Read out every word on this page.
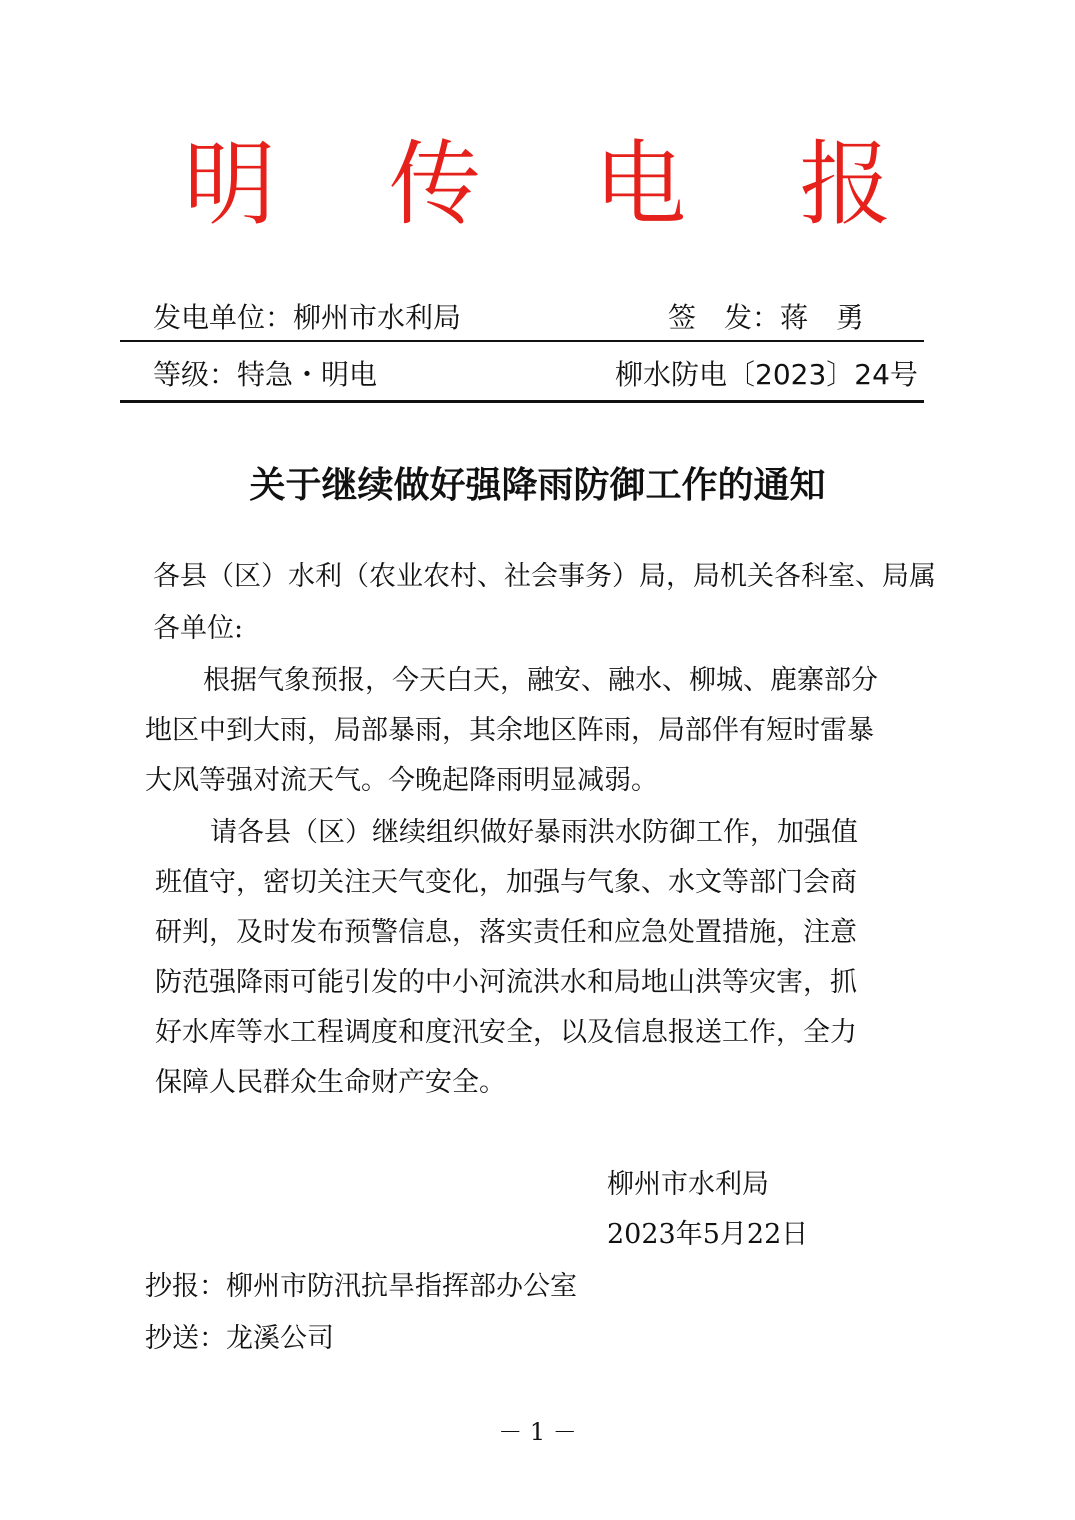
明 传 电 报
发电单位：柳州市水利局	签　发：蒋　勇
等级：特急・明电	柳水防电〔2023〕24号
关于继续做好强降雨防御工作的通知
各县（区）水利（农业农村、社会事务）局，局机关各科室、局属
各单位:
根据气象预报，今天白天，融安、融水、柳城、鹿寨部分
地区中到大雨，局部暴雨，其余地区阵雨，局部伴有短时雷暴
大风等强对流天气。今晚起降雨明显减弱。
请各县（区）继续组织做好暴雨洪水防御工作，加强值
班值守，密切关注天气变化，加强与气象、水文等部门会商
研判，及时发布预警信息，落实责任和应急处置措施，注意
防范强降雨可能引发的中小河流洪水和局地山洪等灾害，抓
好水库等水工程调度和度汛安全，以及信息报送工作，全力
保障人民群众生命财产安全。
柳州市水利局
2023年5月22日
抄报：柳州市防汛抗旱指挥部办公室
抄送：龙溪公司
－ 1 －
